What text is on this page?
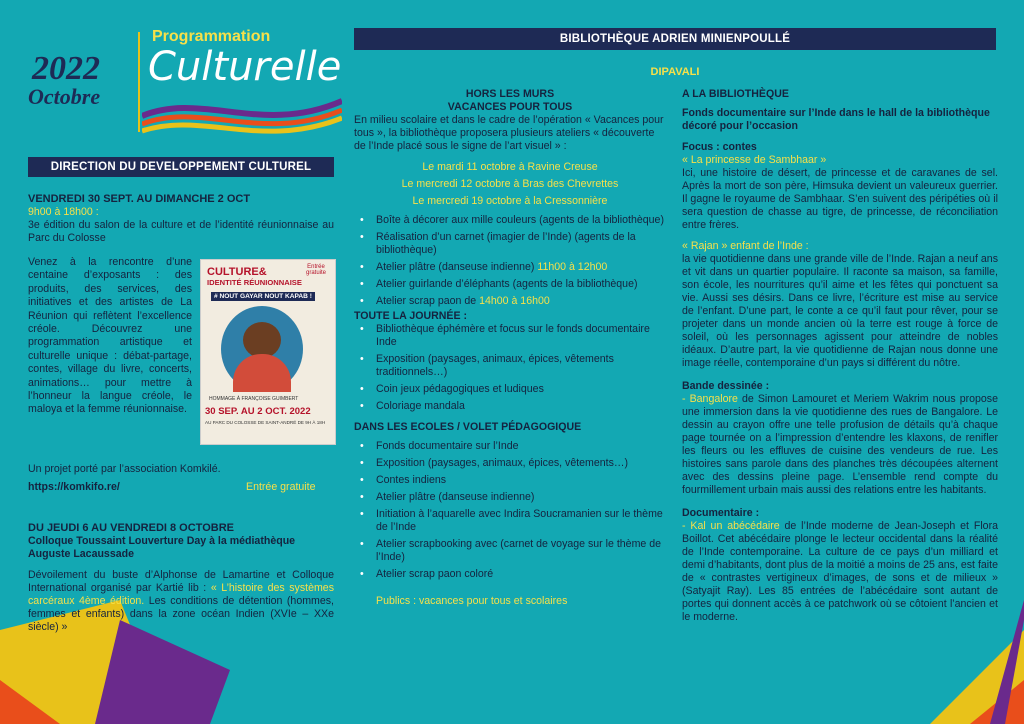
2022
Octobre
Programmation
Culturelle
DIRECTION DU DEVELOPPEMENT CULTUREL

VENDREDI 30 SEPT. AU DIMANCHE 2 OCT

9h00 à 18h00 :

3e édition du salon de la culture et de l’identité réunionnaise au Parc du Colosse

Venez à la rencontre d’une centaine d’exposants : des produits, des services, des initiatives et des artistes de La Réunion qui reflètent l’excellence créole. Découvrez une programmation artistique et culturelle unique : débat-partage, contes, village du livre, concerts, animations… pour mettre à l’honneur la langue créole, le maloya et la femme réunionnaise.

CULTURE&
IDENTITÉ RÉUNIONNAISE
Entrée gratuite
# NOUT GAYAR NOUT KAPAB !
HOMMAGE À FRANÇOISE GUIMBERT
30 SEP. AU 2 OCT. 2022
AU PARC DU COLOSSE DE SAINT-ANDRÉ DE 9H À 18H

Un projet porté par l’association Komkilé.

https://komkifo.re/	Entrée gratuite

DU JEUDI 6 AU VENDREDI 8 OCTOBRE

Colloque Toussaint Louverture Day à la médiathèque Auguste Lacaussade

Dévoilement du buste d’Alphonse de Lamartine et Colloque International organisé par Kartié lib : « L’histoire des systèmes carcéraux 4ème édition. Les conditions de détention (hommes, femmes et enfants) dans la zone océan Indien (XVIe – XXe siècle) »

BIBLIOTHÈQUE ADRIEN MINIENPOULLÉ
DIPAVALI

HORS LES MURS

VACANCES POUR TOUS

En milieu scolaire et dans le cadre de l’opération « Vacances pour tous », la bibliothèque proposera plusieurs ateliers « découverte de l’Inde placé sous le signe de l’art visuel » :

Le mardi 11 octobre à Ravine Creuse

Le mercredi 12 octobre à Bras des Chevrettes

Le mercredi 19 octobre à la Cressonnière

• Boîte à décorer aux mille couleurs (agents de la bibliothèque)
• Réalisation d’un carnet (imagier de l’Inde) (agents de la bibliothèque)
• Atelier plâtre (danseuse indienne) 11h00 à 12h00
• Atelier guirlande d’éléphants (agents de la bibliothèque)
• Atelier scrap paon de 14h00 à 16h00

TOUTE LA JOURNÉE :

• Bibliothèque éphémère et focus sur le fonds documentaire Inde
• Exposition (paysages, animaux, épices, vêtements traditionnels…)
• Coin jeux pédagogiques et ludiques
• Coloriage mandala

DANS LES ECOLES / VOLET PÉDAGOGIQUE

• Fonds documentaire sur l’Inde
• Exposition (paysages, animaux, épices, vêtements…)
• Contes indiens
• Atelier plâtre (danseuse indienne)
• Initiation à l’aquarelle avec Indira Soucramanien sur le thème de l’Inde
• Atelier scrapbooking avec (carnet de voyage sur le thème de l’Inde)
• Atelier scrap paon coloré

Publics : vacances pour tous et scolaires

A LA BIBLIOTHÈQUE

Fonds documentaire sur l’Inde dans le hall de la bibliothèque décoré pour l’occasion

Focus : contes

« La princesse de Sambhaar »

Ici, une histoire de désert, de princesse et de caravanes de sel. Après la mort de son père, Himsuka devient un valeureux guerrier. Il gagne le royaume de Sambhaar. S’en suivent des péripéties où il sera question de chasse au tigre, de princesse, de réconciliation entre frères.

« Rajan » enfant de l’Inde :

la vie quotidienne dans une grande ville de l’Inde. Rajan a neuf ans et vit dans un quartier populaire. Il raconte sa maison, sa famille, son école, les nourritures qu’il aime et les fêtes qui ponctuent sa vie. Aussi ses désirs. Dans ce livre, l’écriture est mise au service de l’enfant. D’une part, le conte a ce qu’il faut pour rêver, pour se projeter dans un monde ancien où la terre est rouge à force de soleil, où les personnages agissent pour atteindre de nobles idéaux. D’autre part, la vie quotidienne de Rajan nous donne une image réelle, contemporaine d’un pays si différent du nôtre.

Bande dessinée :

- Bangalore de Simon Lamouret et Meriem Wakrim nous propose une immersion dans la vie quotidienne des rues de Bangalore. Le dessin au crayon offre une telle profusion de détails qu’à chaque page tournée on a l’impression d’entendre les klaxons, de renifler les fleurs ou les effluves de cuisine des vendeurs de rue. Les histoires sans parole dans des planches très découpées alternent avec des dessins pleine page. L’ensemble rend compte du fourmillement urbain mais aussi des relations entre les habitants.

Documentaire :

- Kal un abécédaire de l’Inde moderne de Jean-Joseph et Flora Boillot. Cet abécédaire plonge le lecteur occidental dans la réalité de l’Inde contemporaine. La culture de ce pays d’un milliard et demi d’habitants, dont plus de la moitié a moins de 25 ans, est faite de « contrastes vertigineux d’images, de sons et de milieux » (Satyajit Ray). Les 85 entrées de l’abécédaire sont autant de portes qui donnent accès à ce patchwork où se côtoient l’ancien et le moderne.
